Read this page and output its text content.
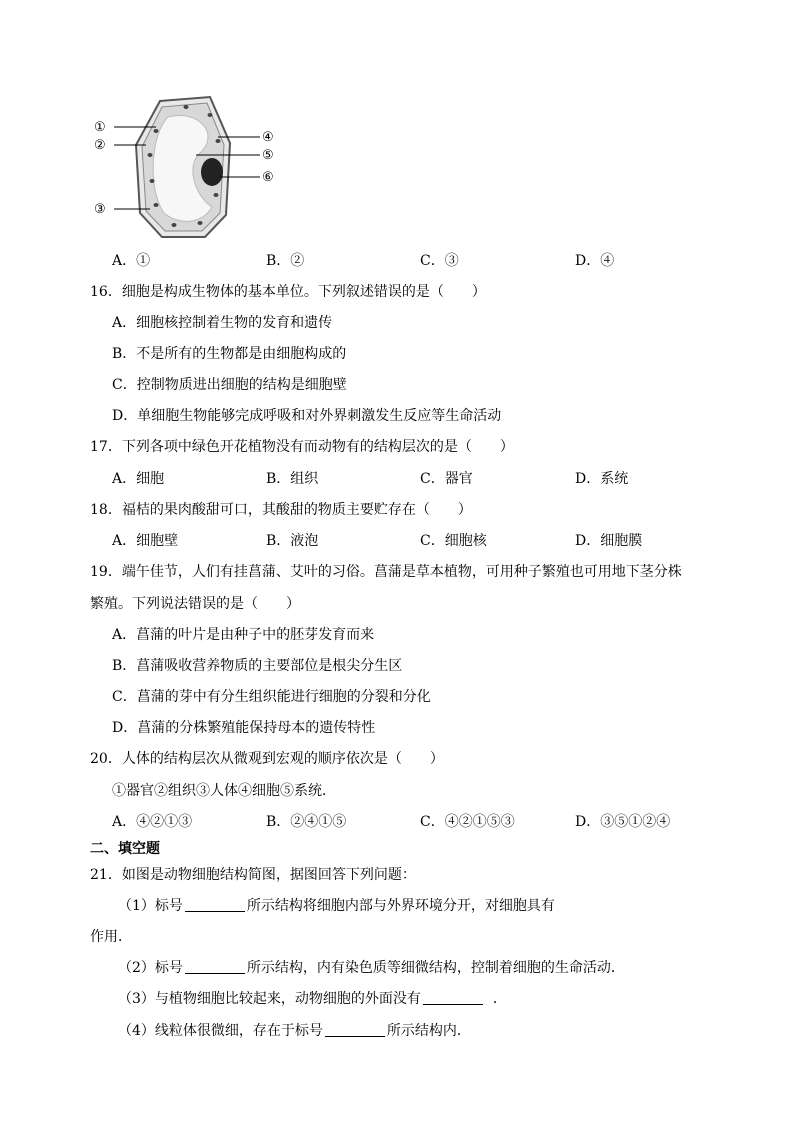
①
②
③
④
⑤
⑥
A．①	B．②	C．③	D．④
16．细胞是构成生物体的基本单位。下列叙述错误的是（　　）
A．细胞核控制着生物的发育和遗传
B．不是所有的生物都是由细胞构成的
C．控制物质进出细胞的结构是细胞壁
D．单细胞生物能够完成呼吸和对外界刺激发生反应等生命活动
17．下列各项中绿色开花植物没有而动物有的结构层次的是（　　）
A．细胞	B．组织	C．器官	D．系统
18．福桔的果肉酸甜可口，其酸甜的物质主要贮存在（　　）
A．细胞壁	B．液泡	C．细胞核	D．细胞膜
19．端午佳节，人们有挂菖蒲、艾叶的习俗。菖蒲是草本植物，可用种子繁殖也可用地下茎分株
繁殖。下列说法错误的是（　　）
A．菖蒲的叶片是由种子中的胚芽发育而来
B．菖蒲吸收营养物质的主要部位是根尖分生区
C．菖蒲的芽中有分生组织能进行细胞的分裂和分化
D．菖蒲的分株繁殖能保持母本的遗传特性
20．人体的结构层次从微观到宏观的顺序依次是（　　）
①器官②组织③人体④细胞⑤系统．
A．④②①③	B．②④①⑤	C．④②①⑤③	D．③⑤①②④
二、填空题
21．如图是动物细胞结构简图，据图回答下列问题：
（1）标号	所示结构将细胞内部与外界环境分开，对细胞具有
作用．
（2）标号	所示结构，内有染色质等细微结构，控制着细胞的生命活动．
（3）与植物细胞比较起来，动物细胞的外面没有	．
（4）线粒体很微细，存在于标号	所示结构内．
